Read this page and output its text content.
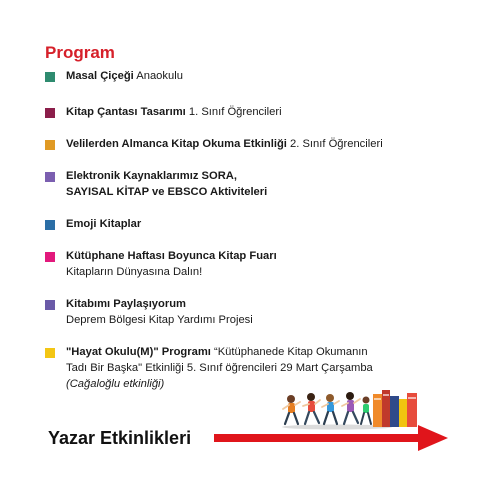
Program
Masal Çiçeği Anaokulu
Kitap Çantası Tasarımı 1. Sınıf Öğrencileri
Velilerden Almanca Kitap Okuma Etkinliği 2. Sınıf Öğrencileri
Elektronik Kaynaklarımız SORA,
SAYISAL KİTAP ve EBSCO Aktiviteleri
Emoji Kitaplar
Kütüphane Haftası Boyunca Kitap Fuarı
Kitapların Dünyasına Dalın!
Kitabımı Paylaşıyorum
Deprem Bölgesi Kitap Yardımı Projesi
"Hayat Okulu(M)" Programı “Kütüphanede Kitap Okumanın
Tadı Bir Başka" Etkinliği 5. Sınıf öğrencileri 29 Mart Çarşamba
(Cağaloğlu etkinliği)
Yazar Etkinlikleri
